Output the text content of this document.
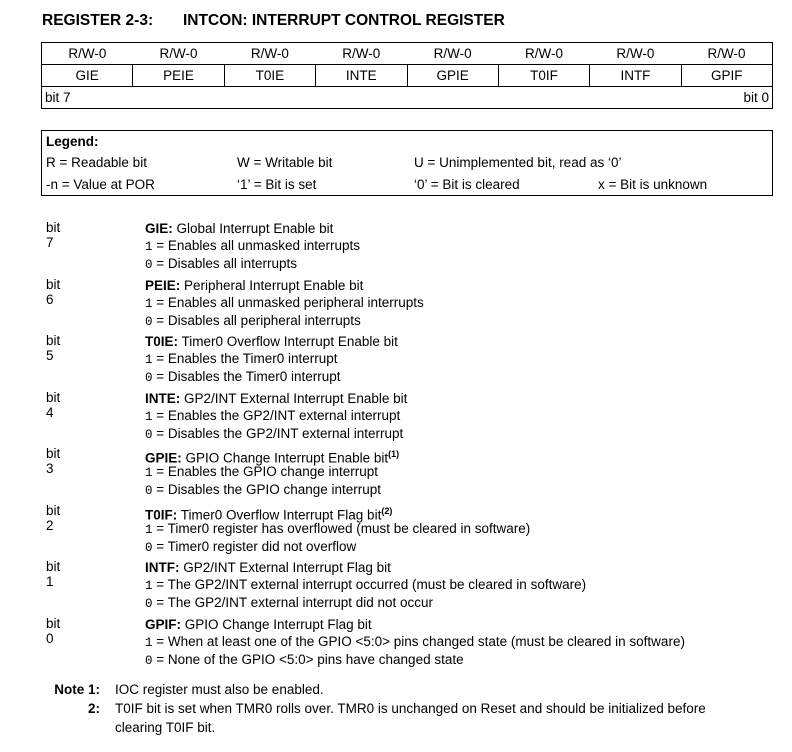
REGISTER 2-3: INTCON: INTERRUPT CONTROL REGISTER
R/W-0	R/W-0	R/W-0	R/W-0	R/W-0	R/W-0	R/W-0	R/W-0
GIE	PEIE	T0IE	INTE	GPIE	T0IF	INTF	GPIF

bit 7 bit 0							
Legend:
R = Readable bit	W = Writable bit	U = Unimplemented bit, read as ‘0’
-n = Value at POR	‘1’ = Bit is set	‘0’ = Bit is cleared	x = Bit is unknown
bit 7
GIE: Global Interrupt Enable bit
1 = Enables all unmasked interrupts
0 = Disables all interrupts
bit 6
PEIE: Peripheral Interrupt Enable bit
1 = Enables all unmasked peripheral interrupts
0 = Disables all peripheral interrupts
bit 5
T0IE: Timer0 Overflow Interrupt Enable bit
1 = Enables the Timer0 interrupt
0 = Disables the Timer0 interrupt
bit 4
INTE: GP2/INT External Interrupt Enable bit
1 = Enables the GP2/INT external interrupt
0 = Disables the GP2/INT external interrupt
bit 3
GPIE: GPIO Change Interrupt Enable bit$^{(1)}$
1 = Enables the GPIO change interrupt
0 = Disables the GPIO change interrupt
bit 2
T0IF: Timer0 Overflow Interrupt Flag bit$^{(2)}$
1 = Timer0 register has overflowed (must be cleared in software)
0 = Timer0 register did not overflow
bit 1
INTF: GP2/INT External Interrupt Flag bit
1 = The GP2/INT external interrupt occurred (must be cleared in software)
0 = The GP2/INT external interrupt did not occur
bit 0
GPIF: GPIO Change Interrupt Flag bit
1 = When at least one of the GPIO <5:0> pins changed state (must be cleared in software)
0 = None of the GPIO <5:0> pins have changed state
Note 1: IOC register must also be enabled.
2: T0IF bit is set when TMR0 rolls over. TMR0 is unchanged on Reset and should be initialized before
clearing T0IF bit.
